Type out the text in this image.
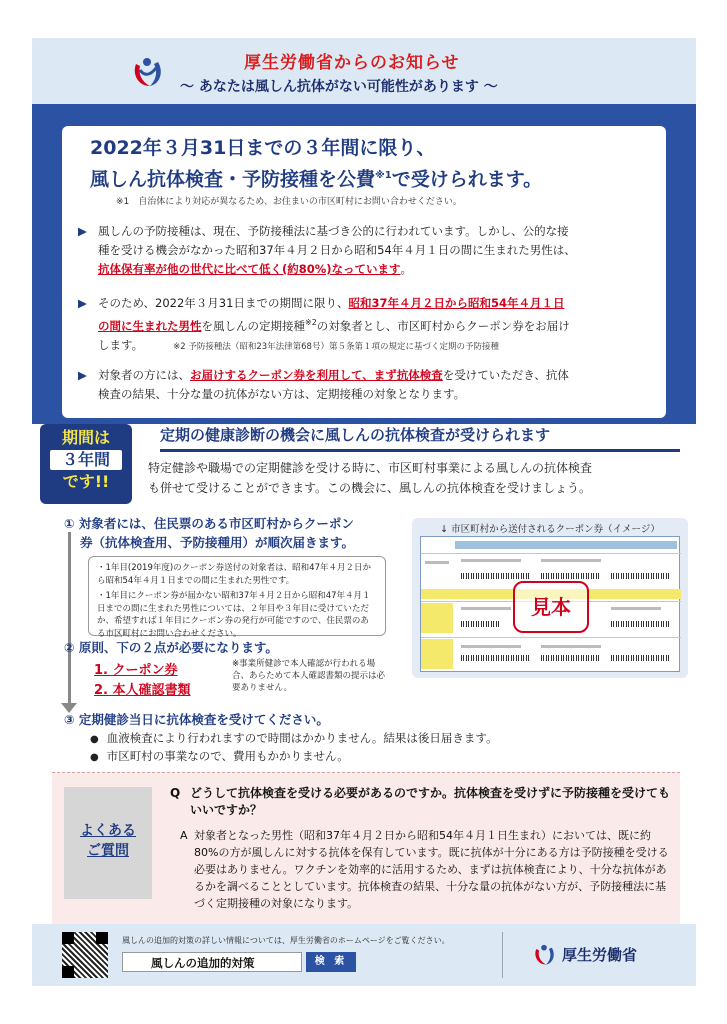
厚生労働省からのお知らせ
～ あなたは風しん抗体がない可能性があります ～
2022年３月31日までの３年間に限り、
風しん抗体検査・予防接種を公費$^{※1}$で受けられます。
※1　自治体により対応が異なるため、お住まいの市区町村にお問い合わせください。
▶ 風しんの予防接種は、現在、予防接種法に基づき公的に行われています。しかし、公的な接
種を受ける機会がなかった昭和37年４月２日から昭和54年４月１日の間に生まれた男性は、
抗体保有率が他の世代に比べて低く(約80%)なっています。
▶ そのため、2022年３月31日までの期間に限り、昭和37年４月２日から昭和54年４月１日
の間に生まれた男性を風しんの定期接種$^{※2}$の対象者とし、市区町村からクーポン券をお届け
します。	※2 予防接種法（昭和23年法律第68号）第５条第１項の規定に基づく定期の予防接種
▶ 対象者の方には、お届けするクーポン券を利用して、まず抗体検査を受けていただき、抗体
検査の結果、十分な量の抗体がない方は、定期接種の対象となります。
期間は
３年間
です!!
定期の健康診断の機会に風しんの抗体検査が受けられます
特定健診や職場での定期健診を受ける時に、市区町村事業による風しんの抗体検査
も併せて受けることができます。この機会に、風しんの抗体検査を受けましょう。
① 対象者には、住民票のある市区町村からクーポン
券（抗体検査用、予防接種用）が順次届きます。

・1年目(2019年度)のクーポン券送付の対象者は、昭和47年４月２日から昭和54年４月１日までの間に生まれた男性です。

・1年目にクーポン券が届かない昭和37年４月２日から昭和47年４月１日までの間に生まれた男性については、２年目や３年目に受けていただか、希望すれば１年目にクーポン券の発行が可能ですので、住民票のある市区町村にお問い合わせください。

② 原則、下の２点が必要になります。
1. クーポン券
2. 本人確認書類
※事業所健診で本人確認が行われる場合、あらためて本人確認書類の提示は必要ありません。
③ 定期健診当日に抗体検査を受けてください。
● 血液検査により行われますので時間はかかりません。結果は後日届きます。
● 市区町村の事業なので、費用もかかりません。
↓ 市区町村から送付されるクーポン券（イメージ）
見本
よくある
ご質問
Q どうして抗体検査を受ける必要があるのですか。抗体検査を受けずに予防接種を受けてもいいですか？
A 対象者となった男性（昭和37年４月２日から昭和54年４月１日生まれ）においては、既に約80%の方が風しんに対する抗体を保有しています。既に抗体が十分にある方は予防接種を受ける必要はありません。ワクチンを効率的に活用するため、まずは抗体検査により、十分な抗体があるかを調べることとしています。抗体検査の結果、十分な量の抗体がない方が、予防接種法に基づく定期接種の対象になります。
風しんの追加的対策の詳しい情報については、厚生労働省のホームページをご覧ください。
風しんの追加的対策	検 索	厚生労働省
